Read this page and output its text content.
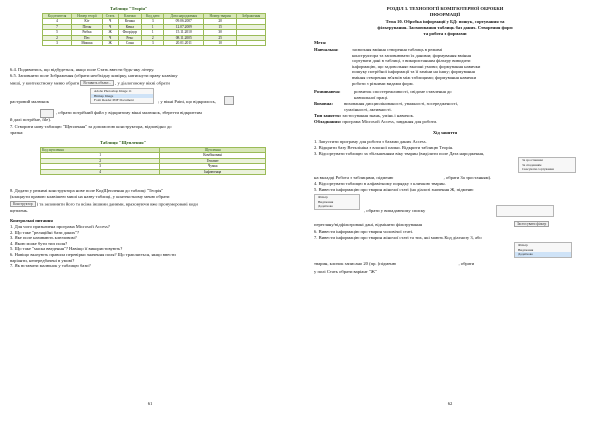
Таблиця "Теорія"
Код вчителя	Номер теорії	Стать	Клички	Код дати	Дата народження	Номер тварин	Зображення
4	Кіт	Ч	Кешка	3	09.06.2007	20	
7	Пітон	Ч	Кеша	1	12.07.2009	15	
5	Рибка	Ж	Флорідор	1	15.11.2010	30	
2	Пес	Ч	Рекс	2	08.11.2005	25	
3	Мишка	Ж	Соня	3	20.01.2011	10	
6.4. Подивитись, що відбудеться, якщо поле Стать ввести будь-яку літеру.
6.5. Заповнити поле Зображення (обрати необхідну комірку, натиснути праву клавішу
миші, у контекстному меню обрати Вставить объект... , у діалоговому вікні обрати
Adobe Photoshop Image 11
Bitmap Image
Foxit Reader PDF Document
растровий малюнок	; у вікні Paint, що відкрилось,
, обрати потрібний файл у відкритому вікні малюнок, зберегти відкриттям
й далі потрібне, file).
7. Створити нову таблицю "Щеплення" за допомогою конструктора, відповідно до
зразка:
Таблиця "Щеплення"
Код щеплення	Щеплення
1	Комбіновані
2	Гепатит
3	Чумка
4	Інфлюенца
8. Додати у режимі конструктора нове поле КодЩеплення до таблиці "Теорія"
(клацнути правою клавішею миші на назву таблиці, у контекстному меню обрати
Конструктор ) та заповнити його та всіма іншими даними, враховуючи вже пронумеровані коди
щеплень.
Контрольні питання
1. Для чого призначена програма Microsoft Access?
2. Що таке "реляційні бази даних"?
3. Яке поле називають ключовим?
4. Якою може бути тип поля?
5. Що таке "маска введення"? Навіщо її використовують?
6. Навіщо вказують правила перевірки значення поля? Що трапляється, якщо ввести
варіанти, непередбачені в умові?
7. Як вставити малюнок у таблицю бази?
61
РОЗДІЛ 3. ТЕХНОЛОГІЇ КОМП'ЮТЕРНОЇ ОБРОБКИ
ІНФОРМАЦІЇ
Тема 10. Обробка інформації у БД: пошук, сортування та
фільтрування. Засвоювання таблиць баз даних. Створення форм
та робота з формами
Мета:
Навчальна:	засвоєння вміння створення таблиць в режимі
конструктора та заповнювати їх даними; формування вміння
сортувати дані в таблиці, з використанням фільтру виводити
інформацію, що задовольняє вказані умови; формування навички
пошуку потрібної інформації та її заміни на іншу; формування
вміння створення зв'язків між таблицями; формування навички
роботи з різними видами форм.
Розвиваюча:	розвиток спостережливості, свідоме ставлення до
навчальної праці.
Виховна: виховання дисциплінованості, уважності, зосередженості,
сумлінності, активності.
Тип заняття: застосування знань, умінь і навичок.
Обладнання: програма Microsoft Access, завдання для роботи.
Хід заняття
1. Запустити програму для роботи з базами даних Access.
2. Відкрити базу Ветклініка з власної папки. Відкрити таблицю Теорія.
3. Відсортувати таблицю за збільшенням віку тварин (виділити поле Дата народження,
За зростанням
За спаданням
Скасувати сортування
на вкладці Робота з таблицями, підменю	, обрати За зростанням).
4. Відсортувати таблицю в алфавітному порядку з кличкою тварин.
5. Вивести інформацію про тварин жіночої статі (на діалозі значення Ж, підменю
Фільтр
Виділення
Додатково
, обрати у випадаючому списку
перегляну/відфільтровані дані, відмінити фільтрування	Застосувати фільтр
6. Вивести інформацію про тварин чоловічої статі.
7. Вивести інформацію про тварин жіночої статі та тих, які мають Код діагнозу 3, або
Фільтр
Виділення
Додатково
тварин, кличок записано 20 (пр. (підменю	, обрати
у полі Стать обрати варіант "Ж"
62
